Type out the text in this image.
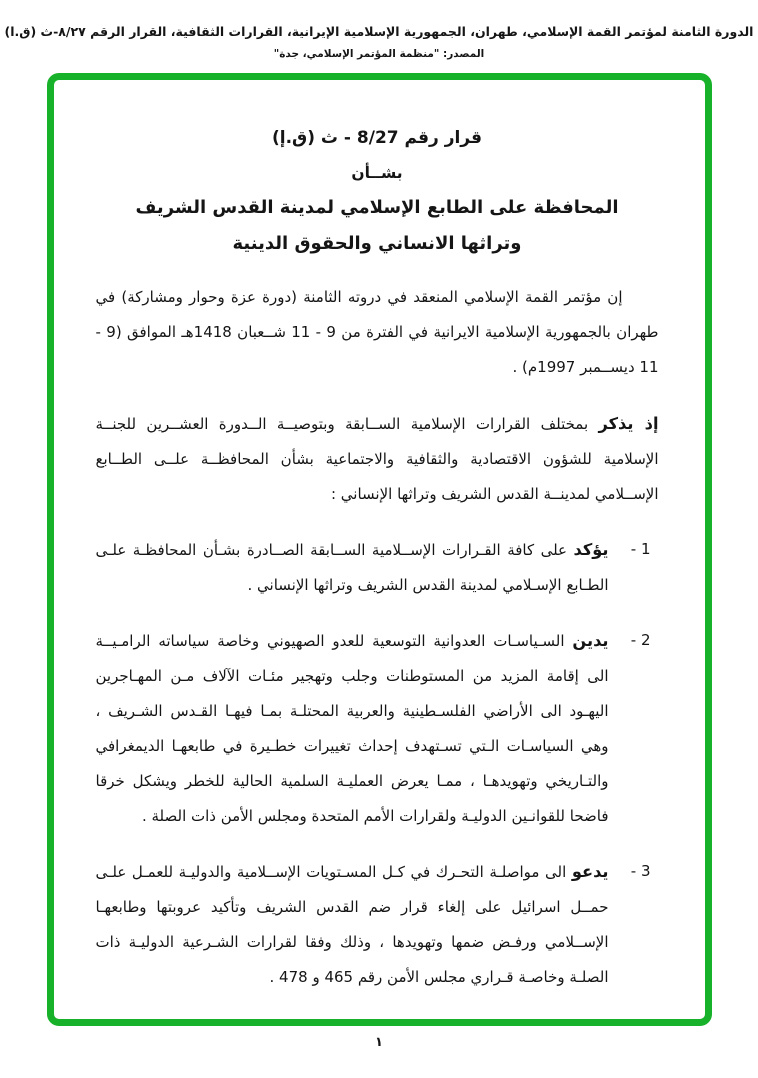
الدورة الثامنة لمؤتمر القمة الإسلامي، طهران، الجمهورية الإسلامية الإيرانية، القرارات الثقافية، القرار الرقم ٨/٢٧-ث (ق.ا)
المصدر: "منظمة المؤتمر الإسلامي، جدة"
قرار رقم 8/27 - ث (ق.إ)
بشــأن
المحافظة على الطابع الإسلامي لمدينة القدس الشريف
وتراثها الانساني والحقوق الدينية

إن مؤتمر القمة الإسلامي المنعقد في دروته الثامنة (دورة عزة وحوار ومشاركة) في طهران بالجمهورية الإسلامية الايرانية في الفترة من 9 ‏- 11 شــعبان 1418هـ الموافق (9 ‏- 11 ديســمبر 1997م) .

إذ يذكر بمختلف القرارات الإسلامية الســابقة وبتوصيــة الــدورة العشــرين للجنــة الإسلامية للشؤون الاقتصادية والثقافية والاجتماعية بشأن المحافظــة علــى الطــابع الإســلامي لمدينــة القدس الشريف وتراثها الإنساني :

1 -
يؤكد على كافة القـرارات الإســلامية الســابقة الصــادرة بشـأن المحافظـة علـى الطـابع الإسـلامي لمدينة القدس الشريف وتراثها الإنساني .
2 -
يدين السـياسـات العدوانية التوسعية للعدو الصهيوني وخاصة سياساته الرامـيــة الى إقامة المزيد من المستوطنات وجلب وتهجير مئـات الآلاف مـن المهـاجرين اليهـود الى الأراضي الفلسـطينية والعربية المحتلـة بمـا فيهـا القـدس الشـريف ، وهي السياسـات الـتي تسـتهدف إحداث تغييرات خطـيرة في طابعهـا الديمغرافي والتـاريخي وتهويدهـا ، ممـا يعرض العمليـة السلمية الحالية للخطر ويشكل خرقا فاضحا للقوانـين الدوليـة ولقرارات الأمم المتحدة ومجلس الأمن ذات الصلة .
3 -
يدعو الى مواصلـة التحـرك في كـل المسـتويات الإســلامية والدوليـة للعمـل علـى حمــل اسرائيل على إلغاء قرار ضم القدس الشريف وتأكيد عروبتها وطابعهـا الإســلامي ورفـض ضمها وتهويدها ، وذلك وفقا لقرارات الشـرعية الدوليـة ذات الصلـة وخاصـة قـراري مجلس الأمن رقم 465 و 478 .
١
